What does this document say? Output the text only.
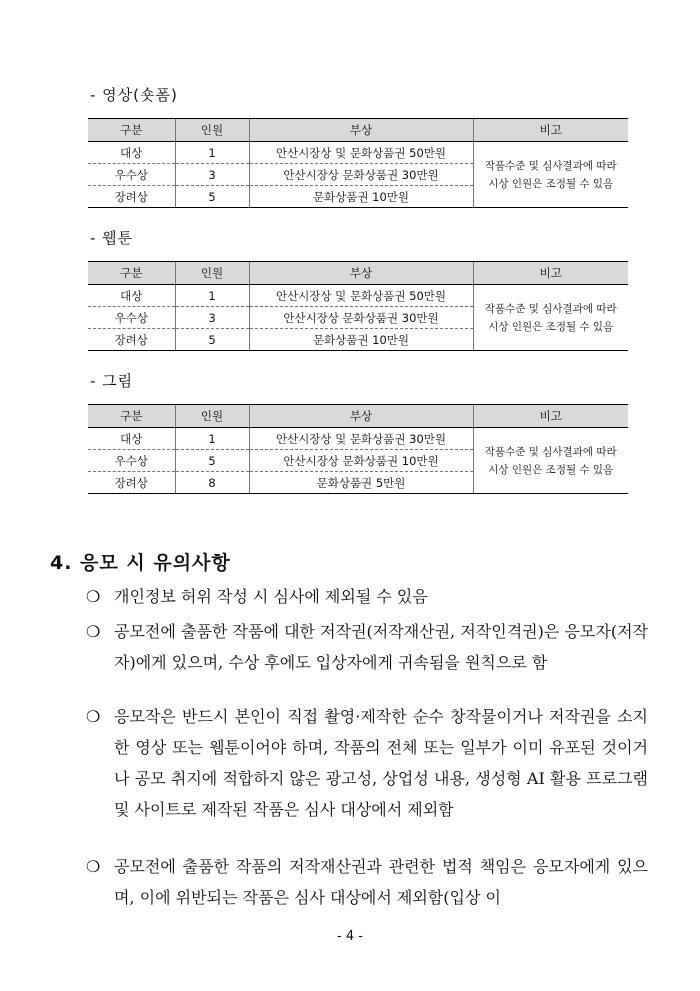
- 영상(숏폼)
구분	인원	부상	비고
대상	1	안산시장상 및 문화상품권 50만원	작품수준 및 심사결과에 따라
시상 인원은 조정될 수 있음

우수상	3	안산시장상 문화상품권 30만원	
장려상	5	문화상품권 10만원	
- 웹툰
구분	인원	부상	비고
대상	1	안산시장상 및 문화상품권 50만원	작품수준 및 심사결과에 따라
시상 인원은 조정될 수 있음

우수상	3	안산시장상 문화상품권 30만원	
장려상	5	문화상품권 10만원	
- 그림
구분	인원	부상	비고
대상	1	안산시장상 및 문화상품권 30만원	작품수준 및 심사결과에 따라
시상 인원은 조정될 수 있음

우수상	5	안산시장상 문화상품권 10만원	
장려상	8	문화상품권 5만원	
4. 응모 시 유의사항
❍ 개인정보 허위 작성 시 심사에 제외될 수 있음
❍ 공모전에 출품한 작품에 대한 저작권(저작재산권, 저작인격권)은 응모자(저작자)에게 있으며, 수상 후에도 입상자에게 귀속됨을 원칙으로 함
❍ 응모작은 반드시 본인이 직접 촬영·제작한 순수 창작물이거나 저작권을 소지한 영상 또는 웹툰이어야 하며, 작품의 전체 또는 일부가 이미 유포된 것이거나 공모 취지에 적합하지 않은 광고성, 상업성 내용, 생성형 AI 활용 프로그램 및 사이트로 제작된 작품은 심사 대상에서 제외함
❍ 공모전에 출품한 작품의 저작재산권과 관련한 법적 책임은 응모자에게 있으며, 이에 위반되는 작품은 심사 대상에서 제외함(입상 이
- 4 -
